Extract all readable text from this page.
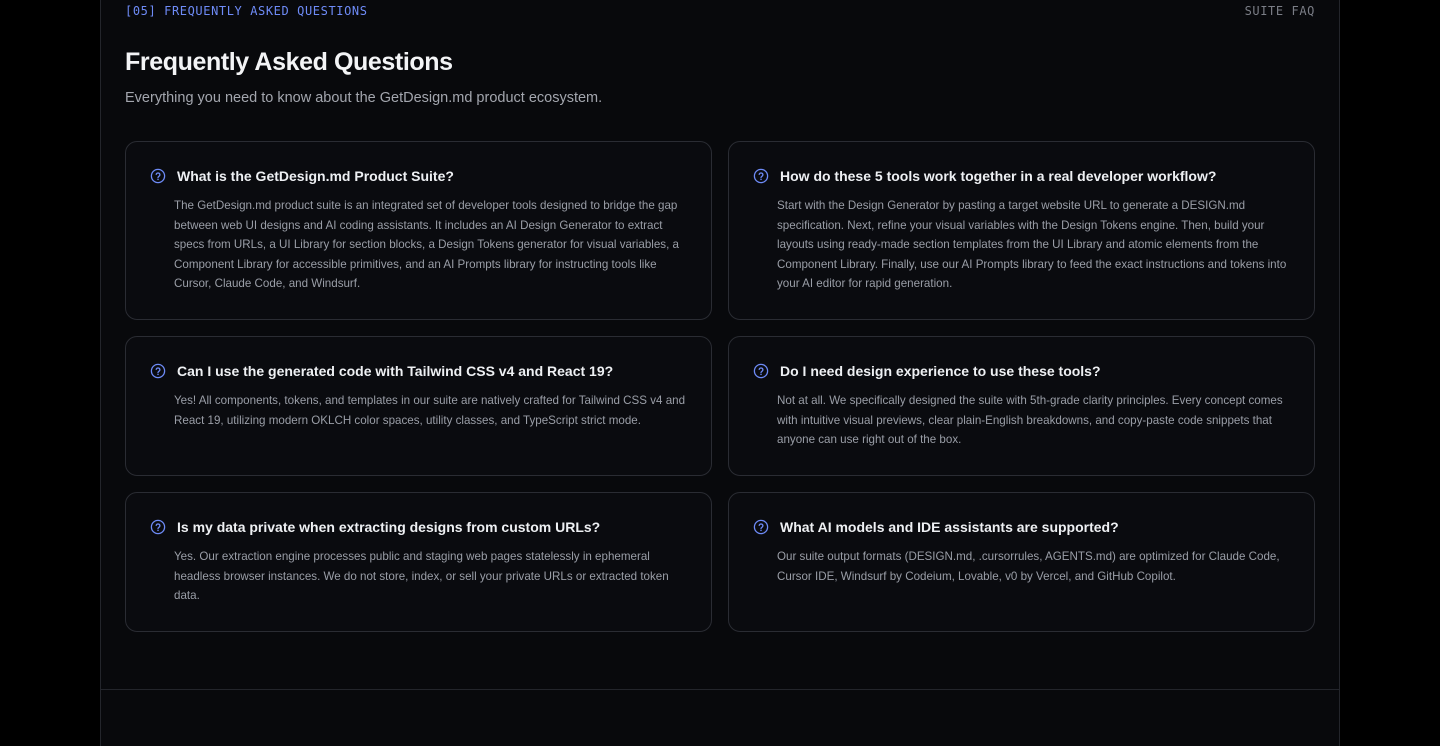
[05] FREQUENTLY ASKED QUESTIONS	SUITE FAQ
Frequently Asked Questions

Everything you need to know about the GetDesign.md product ecosystem.

What is the GetDesign.md Product Suite?

The GetDesign.md product suite is an integrated set of developer tools designed to bridge the gap between web UI designs and AI coding assistants. It includes an AI Design Generator to extract specs from URLs, a UI Library for section blocks, a Design Tokens generator for visual variables, a Component Library for accessible primitives, and an AI Prompts library for instructing tools like Cursor, Claude Code, and Windsurf.

How do these 5 tools work together in a real developer workflow?

Start with the Design Generator by pasting a target website URL to generate a DESIGN.md specification. Next, refine your visual variables with the Design Tokens engine. Then, build your layouts using ready-made section templates from the UI Library and atomic elements from the Component Library. Finally, use our AI Prompts library to feed the exact instructions and tokens into your AI editor for rapid generation.

Can I use the generated code with Tailwind CSS v4 and React 19?

Yes! All components, tokens, and templates in our suite are natively crafted for Tailwind CSS v4 and React 19, utilizing modern OKLCH color spaces, utility classes, and TypeScript strict mode.

Do I need design experience to use these tools?

Not at all. We specifically designed the suite with 5th-grade clarity principles. Every concept comes with intuitive visual previews, clear plain-English breakdowns, and copy-paste code snippets that anyone can use right out of the box.

Is my data private when extracting designs from custom URLs?

Yes. Our extraction engine processes public and staging web pages statelessly in ephemeral headless browser instances. We do not store, index, or sell your private URLs or extracted token data.

What AI models and IDE assistants are supported?

Our suite output formats (DESIGN.md, .cursorrules, AGENTS.md) are optimized for Claude Code, Cursor IDE, Windsurf by Codeium, Lovable, v0 by Vercel, and GitHub Copilot.
